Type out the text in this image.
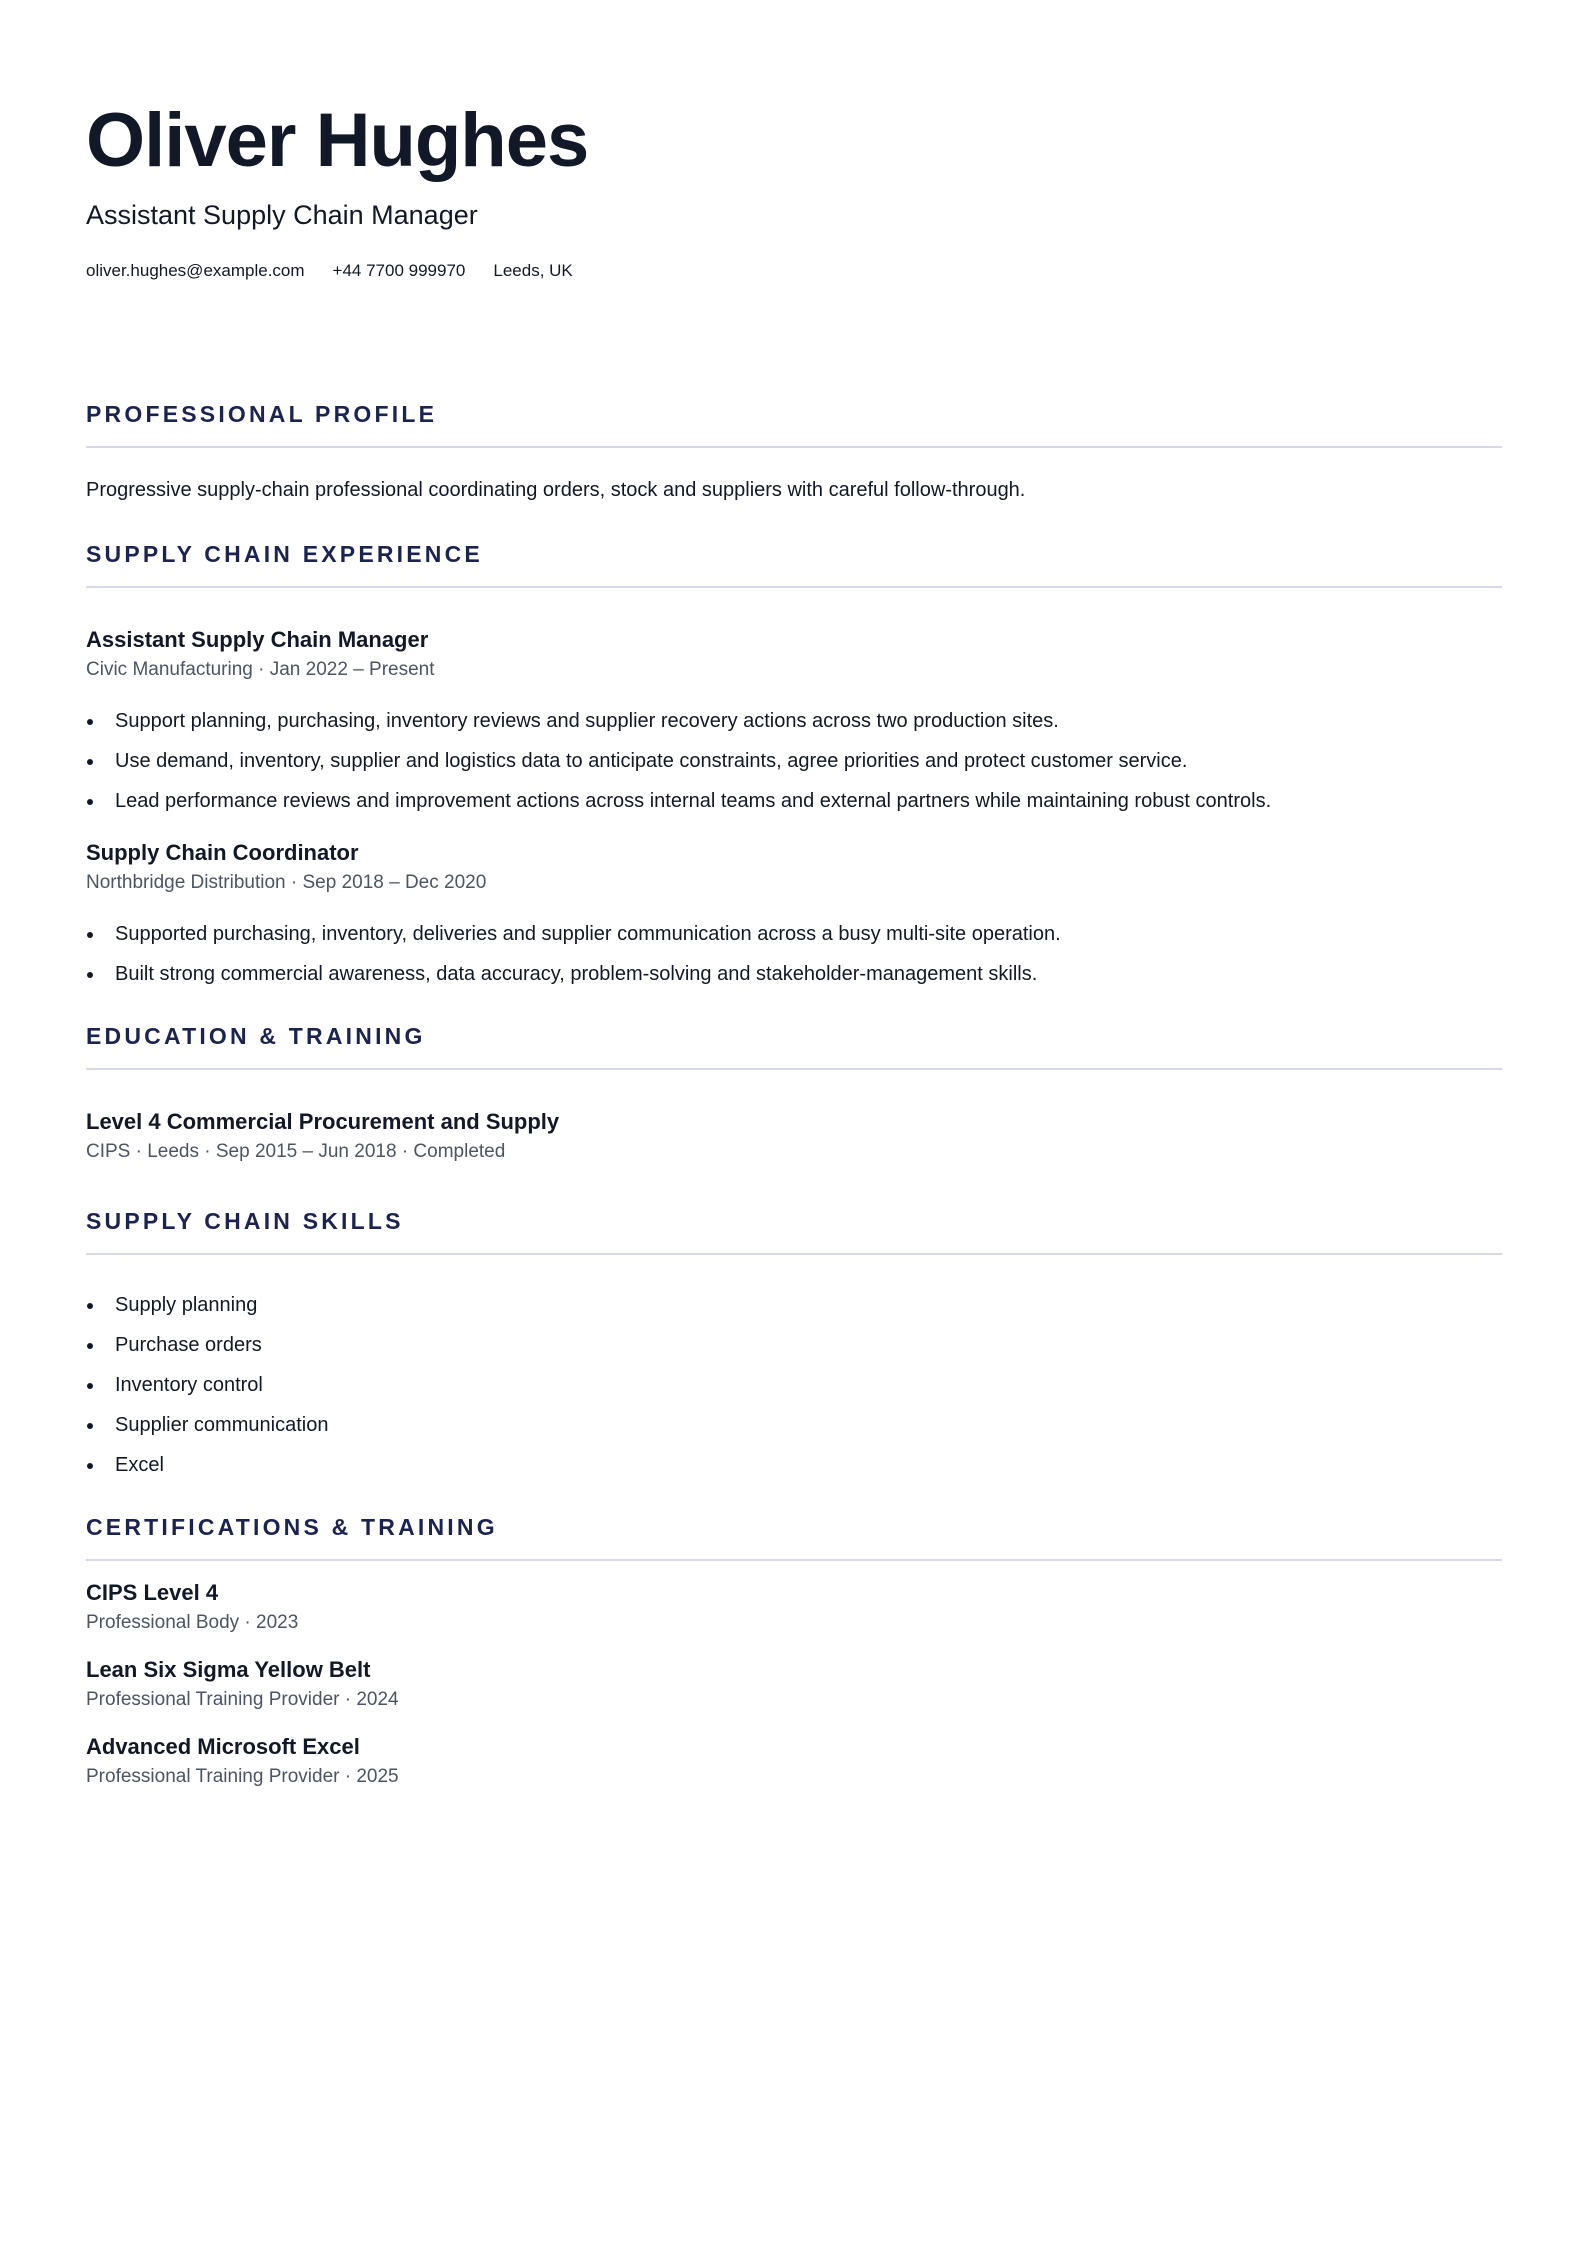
Oliver Hughes
Assistant Supply Chain Manager
oliver.hughes@example.com +44 7700 999970 Leeds, UK
PROFESSIONAL PROFILE

Progressive supply-chain professional coordinating orders, stock and suppliers with careful follow-through.

SUPPLY CHAIN EXPERIENCE
Assistant Supply Chain Manager
Civic Manufacturing · Jan 2022 – Present
Support planning, purchasing, inventory reviews and supplier recovery actions across two production sites.
Use demand, inventory, supplier and logistics data to anticipate constraints, agree priorities and protect customer service.
Lead performance reviews and improvement actions across internal teams and external partners while maintaining robust controls.
Supply Chain Coordinator
Northbridge Distribution · Sep 2018 – Dec 2020
Supported purchasing, inventory, deliveries and supplier communication across a busy multi-site operation.
Built strong commercial awareness, data accuracy, problem-solving and stakeholder-management skills.
EDUCATION & TRAINING
Level 4 Commercial Procurement and Supply
CIPS · Leeds · Sep 2015 – Jun 2018 · Completed
SUPPLY CHAIN SKILLS
Supply planning
Purchase orders
Inventory control
Supplier communication
Excel
CERTIFICATIONS & TRAINING
CIPS Level 4
Professional Body · 2023
Lean Six Sigma Yellow Belt
Professional Training Provider · 2024
Advanced Microsoft Excel
Professional Training Provider · 2025
